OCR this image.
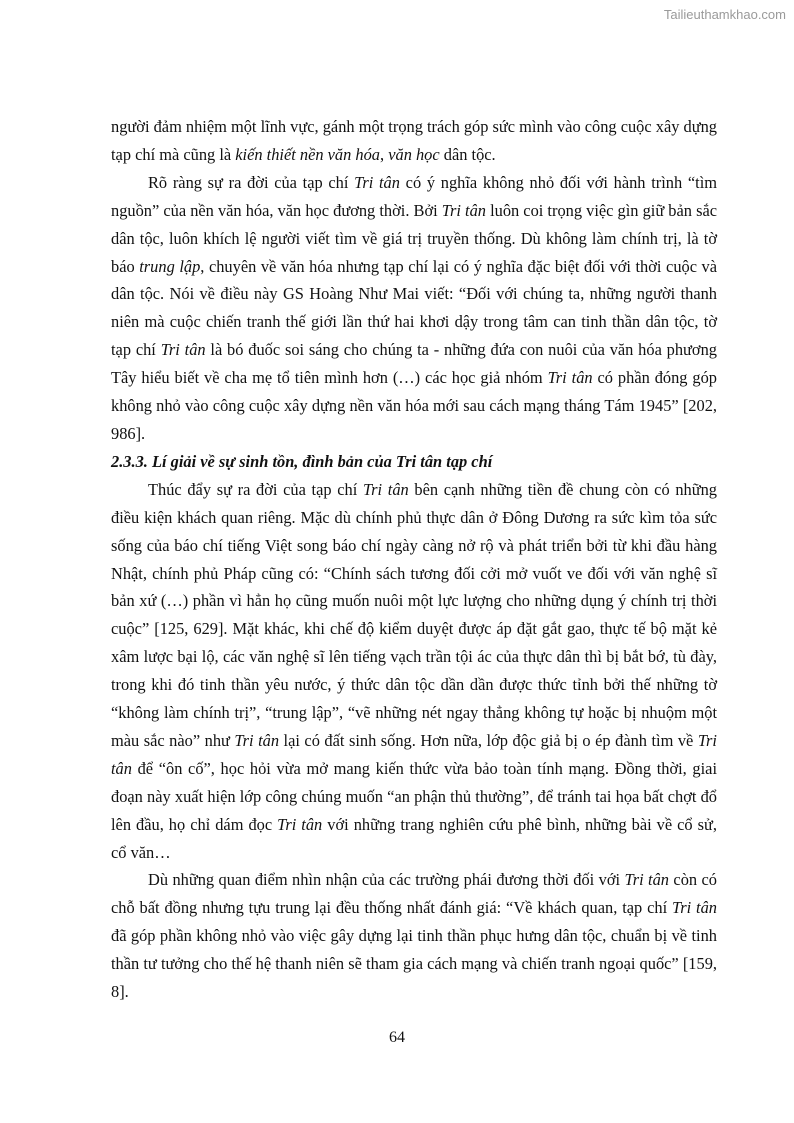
Tailieuthamkhao.com

người đảm nhiệm một lĩnh vực, gánh một trọng trách góp sức mình vào công cuộc xây dựng tạp chí mà cũng là kiến thiết nền văn hóa, văn học dân tộc.

Rõ ràng sự ra đời của tạp chí Tri tân có ý nghĩa không nhỏ đối với hành trình “tìm nguồn” của nền văn hóa, văn học đương thời. Bởi Tri tân luôn coi trọng việc gìn giữ bản sắc dân tộc, luôn khích lệ người viết tìm về giá trị truyền thống. Dù không làm chính trị, là tờ báo trung lập, chuyên về văn hóa nhưng tạp chí lại có ý nghĩa đặc biệt đối với thời cuộc và dân tộc. Nói về điều này GS Hoàng Như Mai viết: “Đối với chúng ta, những người thanh niên mà cuộc chiến tranh thế giới lần thứ hai khơi dậy trong tâm can tinh thần dân tộc, tờ tạp chí Tri tân là bó đuốc soi sáng cho chúng ta - những đứa con nuôi của văn hóa phương Tây hiểu biết về cha mẹ tổ tiên mình hơn (…) các học giả nhóm Tri tân có phần đóng góp không nhỏ vào công cuộc xây dựng nền văn hóa mới sau cách mạng tháng Tám 1945” [202, 986].

2.3.3. Lí giải về sự sinh tồn, đình bản của Tri tân tạp chí

Thúc đẩy sự ra đời của tạp chí Tri tân bên cạnh những tiền đề chung còn có những điều kiện khách quan riêng. Mặc dù chính phủ thực dân ở Đông Dương ra sức kìm tỏa sức sống của báo chí tiếng Việt song báo chí ngày càng nở rộ và phát triển bởi từ khi đầu hàng Nhật, chính phủ Pháp cũng có: “Chính sách tương đối cởi mở vuốt ve đối với văn nghệ sĩ bản xứ (…) phần vì hẳn họ cũng muốn nuôi một lực lượng cho những dụng ý chính trị thời cuộc” [125, 629]. Mặt khác, khi chế độ kiểm duyệt được áp đặt gắt gao, thực tế bộ mặt kẻ xâm lược bại lộ, các văn nghệ sĩ lên tiếng vạch trần tội ác của thực dân thì bị bắt bớ, tù đày, trong khi đó tinh thần yêu nước, ý thức dân tộc dần dần được thức tỉnh bởi thế những tờ “không làm chính trị”, “trung lập”, “vẽ những nét ngay thẳng không tự hoặc bị nhuộm một màu sắc nào” như Tri tân lại có đất sinh sống. Hơn nữa, lớp độc giả bị o ép đành tìm về Tri tân để “ôn cố”, học hỏi vừa mở mang kiến thức vừa bảo toàn tính mạng. Đồng thời, giai đoạn này xuất hiện lớp công chúng muốn “an phận thủ thường”, để tránh tai họa bất chợt đổ lên đầu, họ chỉ dám đọc Tri tân với những trang nghiên cứu phê bình, những bài về cổ sử, cổ văn…

Dù những quan điểm nhìn nhận của các trường phái đương thời đối với Tri tân còn có chỗ bất đồng nhưng tựu trung lại đều thống nhất đánh giá: “Về khách quan, tạp chí Tri tân đã góp phần không nhỏ vào việc gây dựng lại tinh thần phục hưng dân tộc, chuẩn bị về tinh thần tư tưởng cho thế hệ thanh niên sẽ tham gia cách mạng và chiến tranh ngoại quốc” [159, 8].

64
